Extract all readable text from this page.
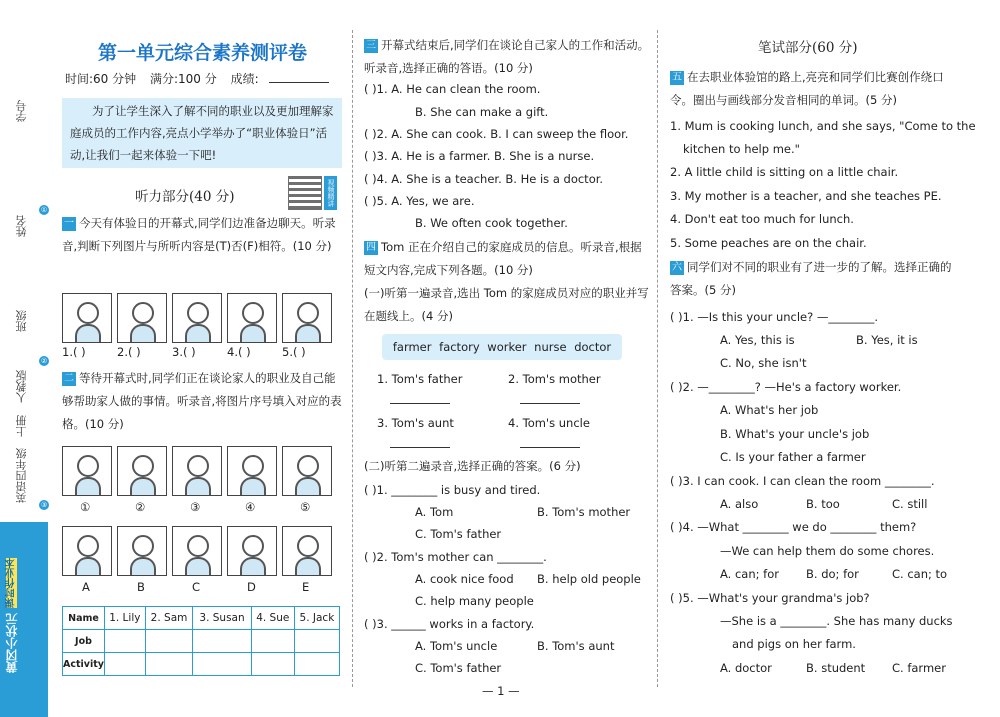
学号
①
姓名
班级
②
人教版
上册
英语四年级
③
黄冈小状元 课时作业本
第一单元综合素养测评卷
时间:60 分钟 满分:100 分 成绩:
为了让学生深入了解不同的职业以及更加理解家庭成员的工作内容,亮点小学举办了“职业体验日”活动,让我们一起来体验一下吧!
听力部分(40 分)	视频精讲
一 今天有体验日的开幕式,同学们边准备边聊天。听录音,判断下列图片与所听内容是(T)否(F)相符。(10 分)
1.( )	2.( )	3.( )	4.( )	5.( )
二 等待开幕式时,同学们正在谈论家人的职业及自己能够帮助家人做的事情。听录音,将图片序号填入对应的表格。(10 分)
①	②	③	④	⑤
A	B	C	D	E
Name	1. Lily	2. Sam	3. Susan	4. Sue	5. Jack
Job					
Activity					
三 开幕式结束后,同学们在谈论自己家人的工作和活动。听录音,选择正确的答语。(10 分)
( )1. A. He can clean the room.
B. She can make a gift.
( )2. A. She can cook. B. I can sweep the floor.
( )3. A. He is a farmer. B. She is a nurse.
( )4. A. She is a teacher. B. He is a doctor.
( )5. A. Yes, we are.
B. We often cook together.
四 Tom 正在介绍自己的家庭成员的信息。听录音,根据短文内容,完成下列各题。(10 分)
(一)听第一遍录音,选出 Tom 的家庭成员对应的职业并写在题线上。(4 分)
farmer factory worker nurse doctor
1. Tom's father	2. Tom's mother
3. Tom's aunt	4. Tom's uncle
(二)听第二遍录音,选择正确的答案。(6 分)
( )1. ________ is busy and tired.
A. Tom	B. Tom's mother
C. Tom's father
( )2. Tom's mother can ________.
A. cook nice food B. help old people
C. help many people
( )3. ______ works in a factory.
A. Tom's uncle	B. Tom's aunt
C. Tom's father
— 1 —
笔试部分(60 分)
五 在去职业体验馆的路上,亮亮和同学们比赛创作绕口令。圈出与画线部分发音相同的单词。(5 分)
1. Mum is cooking lunch, and she says, "Come to the
kitchen to help me."
2. A little child is sitting on a little chair.
3. My mother is a teacher, and she teaches PE.
4. Don't eat too much for lunch.
5. Some peaches are on the chair.
六 同学们对不同的职业有了进一步的了解。选择正确的答案。(5 分)
( )1. —Is this your uncle? —________.
A. Yes, this is	B. Yes, it is
C. No, she isn't
( )2. —________? —He's a factory worker.
A. What's her job
B. What's your uncle's job
C. Is your father a farmer
( )3. I can cook. I can clean the room ________.
A. also	B. too	C. still
( )4. —What ________ we do ________ them?
—We can help them do some chores.
A. can; for B. do; for	C. can; to
( )5. —What's your grandma's job?
—She is a ________. She has many ducks
and pigs on her farm.
A. doctor	B. student C. farmer
